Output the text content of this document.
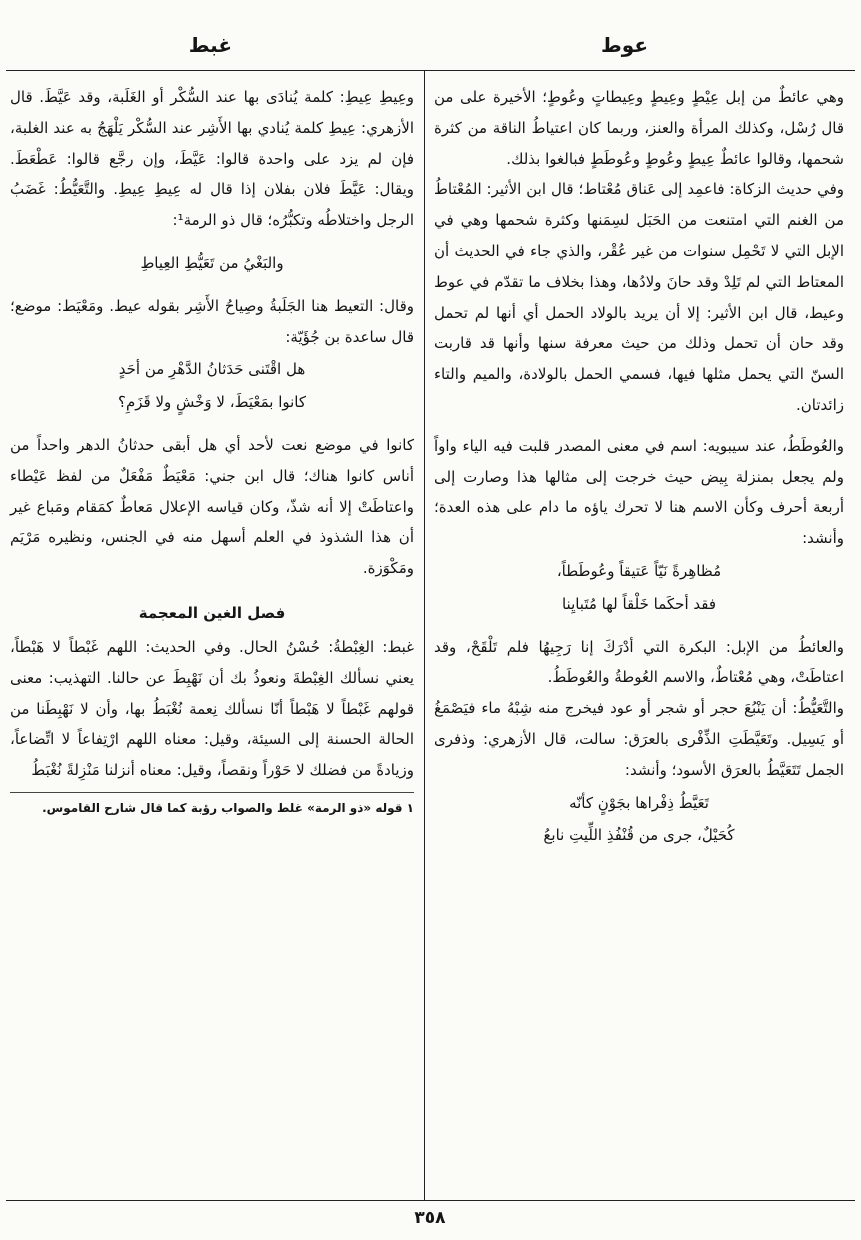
عوط
غبط

وهي عائطٌ من إبل عِيْطٍ وعِيطٍ وعِيطاتٍ وعُوطٍ؛ الأخيرة على من قال رُسْل، وكذلك المرأة والعنز، وربما كان اعتياطُ الناقة من كثرة شحمها، وقالوا عائطٌ عِيطٍ وعُوطٍ وعُوطَطٍ فبالغوا بذلك.

وفي حديث الزكاة: فاعمِد إلى عَناق مُعْتاط؛ قال ابن الأثير: المُعْتاطُ من الغنم التي امتنعت من الحَبَل لسِمَنها وكثرة شحمها وهي في الإبل التي لا تَحْمِل سنوات من غير عُقْر، والذي جاء في الحديث أن المعتاط التي لم تَلِدْ وقد حانَ ولادُها، وهذا بخلاف ما تقدّم في عوط وعيط، قال ابن الأثير: إلا أن يريد بالولاد الحمل أي أنها لم تحمل وقد حان أن تحمل وذلك من حيث معرفة سنها وأنها قد قاربت السنّ التي يحمل مثلها فيها، فسمي الحمل بالولادة، والميم والتاء زائدتان.

والعُوطَطُ، عند سيبويه: اسم في معنى المصدر قلبت فيه الياء واواً ولم يجعل بمنزلة بِيض حيث خرجت إلى مثالها هذا وصارت إلى أربعة أحرف وكأن الاسم هنا لا تحرك ياؤه ما دام على هذه العدة؛ وأنشد:

مُظاهِرةً نَيّاً عَتيقاً وعُوطَطاً،

فقد أحكَما خَلْقاً لها مُتَبايِنا

والعائطُ من الإبل: البكرة التي أدْرَكَ إنا رَجِيهُا فلم تَلْقَحْ، وقد اعتاطَتْ، وهي مُعْتاطٌ، والاسم العُوطةُ والعُوطَطُ.

والتَّعَيُّطُ: أن يَنْبُعَ حجر أو شجر أو عود فيخرج منه شِبْهُ ماء فيَصْمَغُ أو يَسِيل. وتَعَيَّطَتِ الذِّفْرى بالعرَق: سالت، قال الأزهري: وذفرى الجمل تَتَعَيَّطُ بالعرَق الأسود؛ وأنشد:

تَعَيَّطُ ذِفْراها بجَوْنٍ كأنّه

كُحَيْلٌ، جرى من قُنْفُذِ اللِّيتِ نابعُ

وعِيطِ عِيطِ: كلمة يُنادَى بها عند السُّكْر أو الغَلَبة، وقد عَيَّطَ. قال الأزهري: عِيطِ كلمة يُنادي بها الأَشِر عند السُّكْر يَلْهَجُ به عند الغلبة، فإن لم يزد على واحدة قالوا: عَيَّطَ، وإن رجَّع قالوا: عَطْعَطَ. ويقال: عَيَّطَ فلان بفلان إذا قال له عِيطِ عِيطِ. والتَّعَيُّطُ: غَضَبُ الرجل واختلاطُه وتكبُّرُه؛ قال ذو الرمة¹:

والبَغْيُ من تَعَيُّطِ العِياطِ

وقال: التعيط هنا الجَلَبةُ وصِياحُ الأَشِر بقوله عيط. ومَعْيَط: موضع؛ قال ساعدة بن جُؤَيّة:

هل اقْتَنى حَدَثانُ الدَّهْرِ من أحَدٍ

كانوا بمَعْيَطَ، لا وَخْشٍ ولا قَزَمِ؟

كانوا في موضع نعت لأحد أي هل أبقى حدثانُ الدهر واحداً من أناس كانوا هناك؛ قال ابن جني: مَعْيَطٌ مَفْعَلٌ من لفظ عَيْطاء واعتاطَتْ إلا أنه شذّ، وكان قياسه الإعلال مَعاطٌ كمَقام ومَباع غير أن هذا الشذوذ في العلم أسهل منه في الجنس، ونظيره مَرْيَم ومَكْوَزة.

فصل الغين المعجمة

غبط: الغِبْطةُ: حُسْنُ الحال. وفي الحديث: اللهم غَبْطاً لا هَبْطاً، يعني نسألك الغِبْطةَ ونعوذُ بك أن نَهْبِطَ عن حالنا. التهذيب: معنى قولهم غَبْطاً لا هَبْطاً أنّا نسألك نِعمة نُغْبَطُ بها، وأن لا نَهْبِطَنا من الحالة الحسنة إلى السيئة، وقيل: معناه اللهم ارْتِفاعاً لا اتِّضاعاً، وزيادةً من فضلك لا حَوْراً ونقصاً، وقيل: معناه أنزلنا مَنْزِلةً نُغْبَطُ

١ قوله «ذو الرمة» غلط والصواب رؤبة كما قال شارح القاموس.

٣٥٨
